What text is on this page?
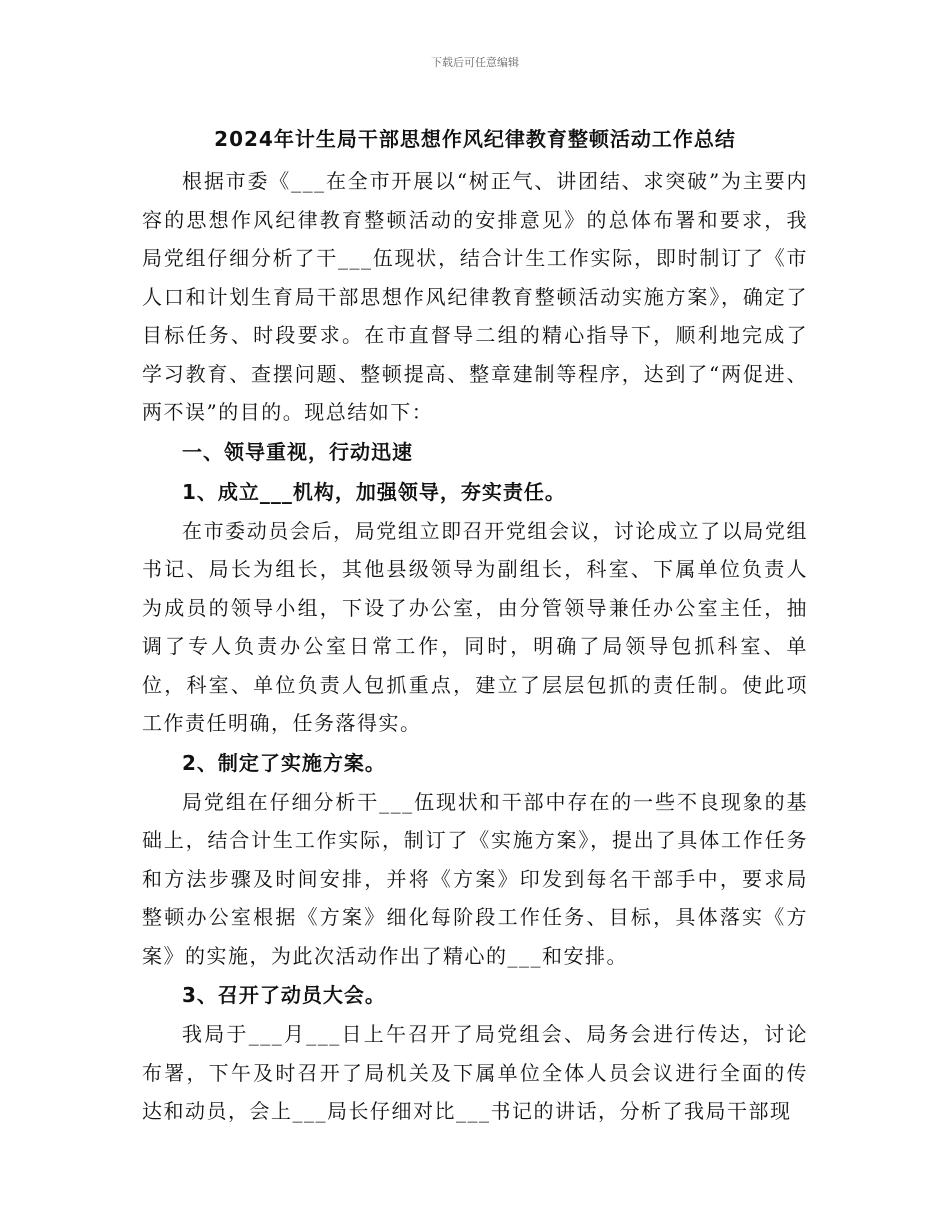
下载后可任意编辑
2024年计生局干部思想作风纪律教育整顿活动工作总结

根据市委《___在全市开展以“树正气、讲团结、求突破”为主要内容的思想作风纪律教育整顿活动的安排意见》的总体布署和要求，我局党组仔细分析了干___伍现状，结合计生工作实际，即时制订了《市人口和计划生育局干部思想作风纪律教育整顿活动实施方案》，确定了目标任务、时段要求。在市直督导二组的精心指导下，顺利地完成了学习教育、查摆问题、整顿提高、整章建制等程序，达到了“两促进、两不误”的目的。现总结如下：

一、领导重视，行动迅速
1、成立___机构，加强领导，夯实责任。

在市委动员会后，局党组立即召开党组会议，讨论成立了以局党组书记、局长为组长，其他县级领导为副组长，科室、下属单位负责人为成员的领导小组，下设了办公室，由分管领导兼任办公室主任，抽调了专人负责办公室日常工作，同时，明确了局领导包抓科室、单位，科室、单位负责人包抓重点，建立了层层包抓的责任制。使此项工作责任明确，任务落得实。

2、制定了实施方案。

局党组在仔细分析干___伍现状和干部中存在的一些不良现象的基础上，结合计生工作实际，制订了《实施方案》，提出了具体工作任务和方法步骤及时间安排，并将《方案》印发到每名干部手中，要求局整顿办公室根据《方案》细化每阶段工作任务、目标，具体落实《方案》的实施，为此次活动作出了精心的___和安排。

3、召开了动员大会。

我局于___月___日上午召开了局党组会、局务会进行传达，讨论布署，下午及时召开了局机关及下属单位全体人员会议进行全面的传达和动员，会上___局长仔细对比___书记的讲话，分析了我局干部现
